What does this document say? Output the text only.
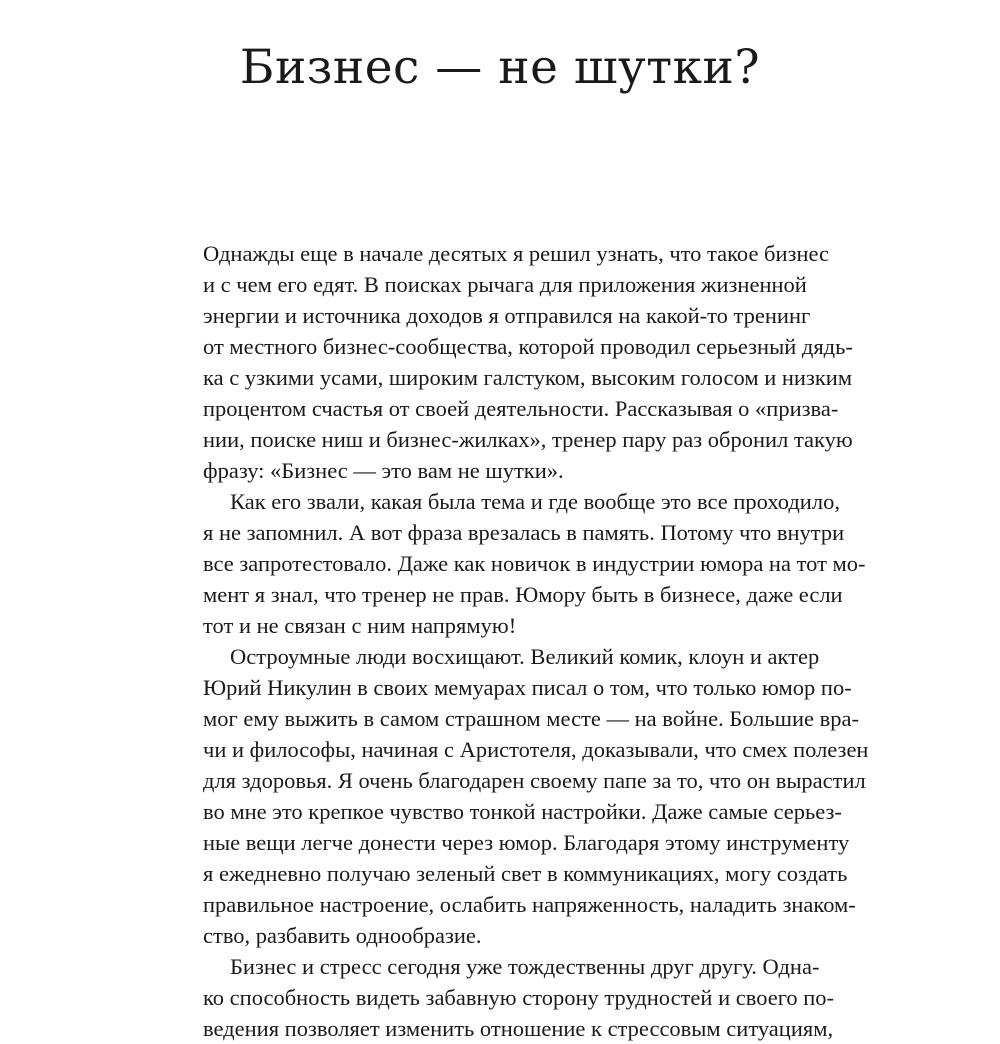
Бизнес — не шутки?
Однажды еще в начале десятых я решил узнать, что такое бизнес
и с чем его едят. В поисках рычага для приложения жизненной
энергии и источника доходов я отправился на какой-то тренинг
от местного бизнес-сообщества, которой проводил серьезный дядь-
ка с узкими усами, широким галстуком, высоким голосом и низким
процентом счастья от своей деятельности. Рассказывая о «призва-
нии, поиске ниш и бизнес-жилках», тренер пару раз обронил такую
фразу: «Бизнес — это вам не шутки».
Как его звали, какая была тема и где вообще это все проходило,
я не запомнил. А вот фраза врезалась в память. Потому что внутри
все запротестовало. Даже как новичок в индустрии юмора на тот мо-
мент я знал, что тренер не прав. Юмору быть в бизнесе, даже если
тот и не связан с ним напрямую!
Остроумные люди восхищают. Великий комик, клоун и актер
Юрий Никулин в своих мемуарах писал о том, что только юмор по-
мог ему выжить в самом страшном месте — на войне. Большие вра-
чи и философы, начиная с Аристотеля, доказывали, что смех полезен
для здоровья. Я очень благодарен своему папе за то, что он вырастил
во мне это крепкое чувство тонкой настройки. Даже самые серьез-
ные вещи легче донести через юмор. Благодаря этому инструменту
я ежедневно получаю зеленый свет в коммуникациях, могу создать
правильное настроение, ослабить напряженность, наладить знаком-
ство, разбавить однообразие.
Бизнес и стресс сегодня уже тождественны друг другу. Одна-
ко способность видеть забавную сторону трудностей и своего по-
ведения позволяет изменить отношение к стрессовым ситуациям,
